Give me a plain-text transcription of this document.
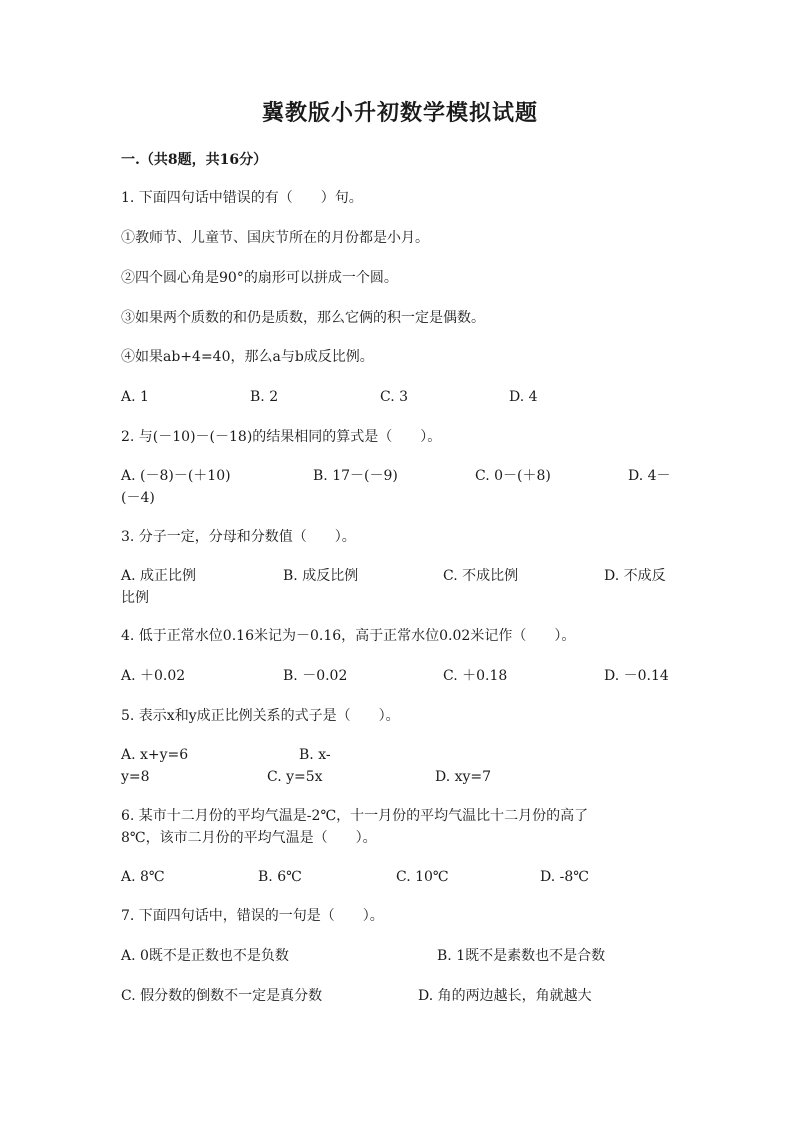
冀教版小升初数学模拟试题
一.（共8题，共16分）
1. 下面四句话中错误的有（　　）句。
①教师节、儿童节、国庆节所在的月份都是小月。
②四个圆心角是90°的扇形可以拼成一个圆。
③如果两个质数的和仍是质数，那么它俩的积一定是偶数。
④如果ab+4=40，那么a与b成反比例。
A. 1	B. 2	C. 3	D. 4
2. 与(－10)－(－18)的结果相同的算式是（　　）。
A. (－8)－(＋10)	B. 17－(－9)	C. 0－(＋8)	D. 4－
(－4)
3. 分子一定，分母和分数值（　　）。
A. 成正比例	B. 成反比例	C. 不成比例	D. 不成反
比例
4. 低于正常水位0.16米记为－0.16，高于正常水位0.02米记作（　　）。
A. ＋0.02	B. －0.02	C. ＋0.18	D. －0.14
5. 表示x和y成正比例关系的式子是（　　）。
A. x+y=6	B. x-
y=8	C. y=5x	D. xy=7
6. 某市十二月份的平均气温是-2℃，十一月份的平均气温比十二月份的高了
8℃，该市二月份的平均气温是（　　）。
A. 8℃	B. 6℃	C. 10℃	D. -8℃
7. 下面四句话中，错误的一句是（　　）。
A. 0既不是正数也不是负数	B. 1既不是素数也不是合数
C. 假分数的倒数不一定是真分数	D. 角的两边越长，角就越大
